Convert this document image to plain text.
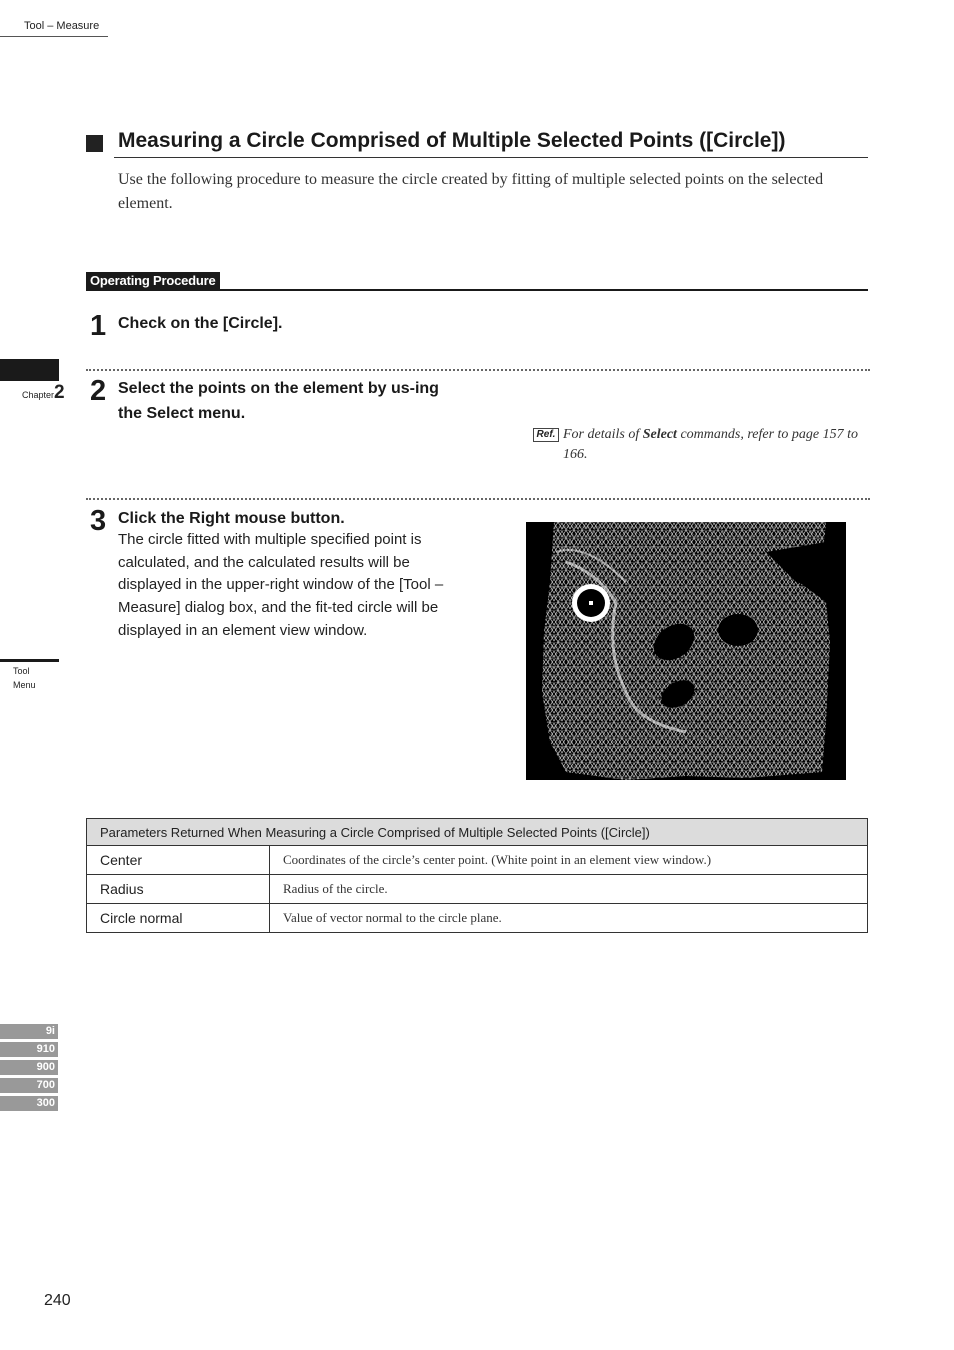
Tool – Measure
Chapter2
Tool
Menu
9i
910
900
700
300
Measuring a Circle Comprised of Multiple Selected Points ([Circle])
Use the following procedure to measure the circle created by fitting of multiple selected points on the selected element.
Operating Procedure
1 Check on the [Circle].
2 Select the points on the element by us-ing the Select menu.
Ref. For details of Select commands, refer to page 157 to 166.
3 Click the Right mouse button.
The circle fitted with multiple specified point is calculated, and the calculated results will be displayed in the upper-right window of the [Tool – Measure] dialog box, and the fit-ted circle will be displayed in an element view window.
Parameters Returned When Measuring a Circle Comprised of Multiple Selected Points ([Circle])	
Center	Coordinates of the circle’s center point. (White point in an element view window.)
Radius	Radius of the circle.
Circle normal	Value of vector normal to the circle plane.
240
